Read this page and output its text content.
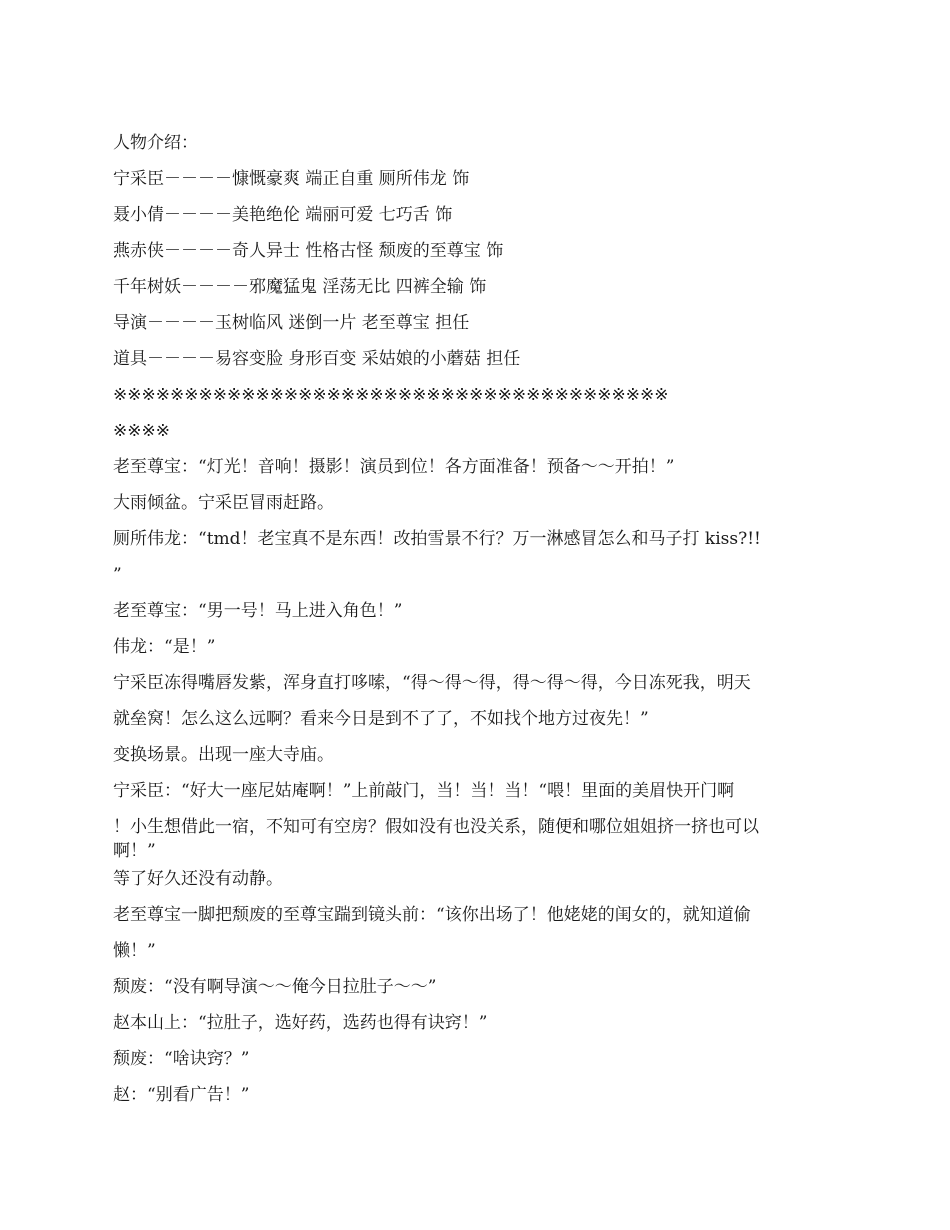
人物介绍：
宁采臣－－－－慷慨豪爽 端正自重 厕所伟龙 饰
聂小倩－－－－美艳绝伦 端丽可爱 七巧舌 饰
燕赤侠－－－－奇人异士 性格古怪 颓废的至尊宝 饰
千年树妖－－－－邪魔猛鬼 淫荡无比 四裤全输 饰
导演－－－－玉树临风 迷倒一片 老至尊宝 担任
道具－－－－易容变脸 身形百变 采姑娘的小蘑菇 担任
※※※※※※※※※※※※※※※※※※※※※※※※※※※※※※※※※※※※※※※
※※※※
老至尊宝：“灯光！音响！摄影！演员到位！各方面准备！预备～～开拍！”
大雨倾盆。宁采臣冒雨赶路。
厕所伟龙：“tmd！老宝真不是东西！改拍雪景不行？万一淋感冒怎么和马子打 kiss?!!
”
老至尊宝：“男一号！马上进入角色！”
伟龙：“是！”
宁采臣冻得嘴唇发紫，浑身直打哆嗦，“得～得～得，得～得～得，今日冻死我，明天
就垒窝！怎么这么远啊？看来今日是到不了了，不如找个地方过夜先！”
变换场景。出现一座大寺庙。
宁采臣：“好大一座尼姑庵啊！”上前敲门，当！当！当！“喂！里面的美眉快开门啊
！小生想借此一宿，不知可有空房？假如没有也没关系，随便和哪位姐姐挤一挤也可以
啊！”
等了好久还没有动静。
老至尊宝一脚把颓废的至尊宝踹到镜头前：“该你出场了！他姥姥的闺女的，就知道偷
懒！”
颓废：“没有啊导演～～俺今日拉肚子～～”
赵本山上：“拉肚子，选好药，选药也得有诀窍！”
颓废：“啥诀窍？”
赵：“别看广告！”
